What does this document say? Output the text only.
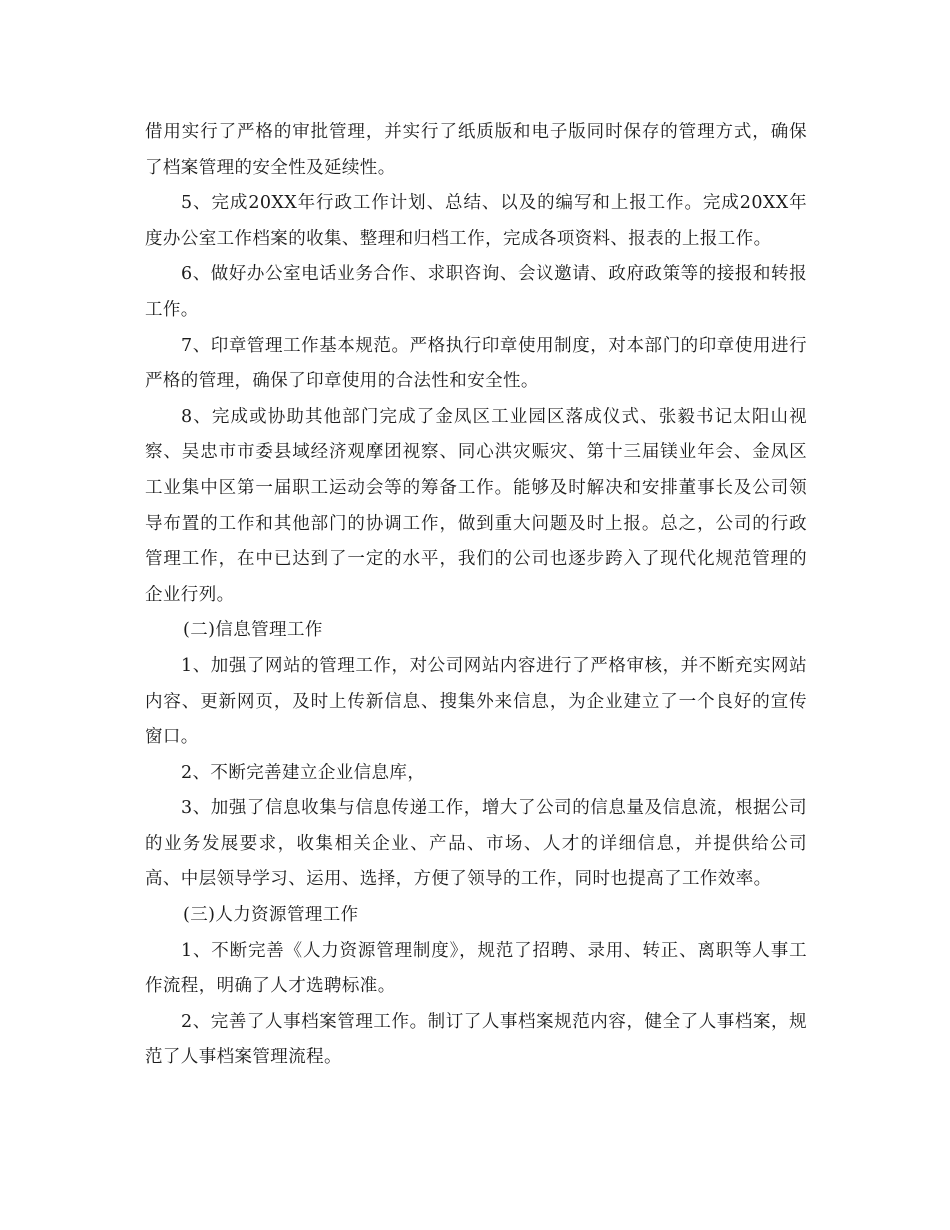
借用实行了严格的审批管理，并实行了纸质版和电子版同时保存的管理方式，确保了档案管理的安全性及延续性。

5、完成20XX年行政工作计划、总结、以及的编写和上报工作。完成20XX年度办公室工作档案的收集、整理和归档工作，完成各项资料、报表的上报工作。

6、做好办公室电话业务合作、求职咨询、会议邀请、政府政策等的接报和转报工作。

7、印章管理工作基本规范。严格执行印章使用制度，对本部门的印章使用进行严格的管理，确保了印章使用的合法性和安全性。

8、完成或协助其他部门完成了金凤区工业园区落成仪式、张毅书记太阳山视察、吴忠市市委县域经济观摩团视察、同心洪灾赈灾、第十三届镁业年会、金凤区工业集中区第一届职工运动会等的筹备工作。能够及时解决和安排董事长及公司领导布置的工作和其他部门的协调工作，做到重大问题及时上报。总之，公司的行政管理工作，在中已达到了一定的水平，我们的公司也逐步跨入了现代化规范管理的企业行列。

(二)信息管理工作

1、加强了网站的管理工作，对公司网站内容进行了严格审核，并不断充实网站内容、更新网页，及时上传新信息、搜集外来信息，为企业建立了一个良好的宣传窗口。

2、不断完善建立企业信息库，

3、加强了信息收集与信息传递工作，增大了公司的信息量及信息流，根据公司的业务发展要求，收集相关企业、产品、市场、人才的详细信息，并提供给公司高、中层领导学习、运用、选择，方便了领导的工作，同时也提高了工作效率。

(三)人力资源管理工作

1、不断完善《人力资源管理制度》，规范了招聘、录用、转正、离职等人事工作流程，明确了人才选聘标准。

2、完善了人事档案管理工作。制订了人事档案规范内容，健全了人事档案，规范了人事档案管理流程。
